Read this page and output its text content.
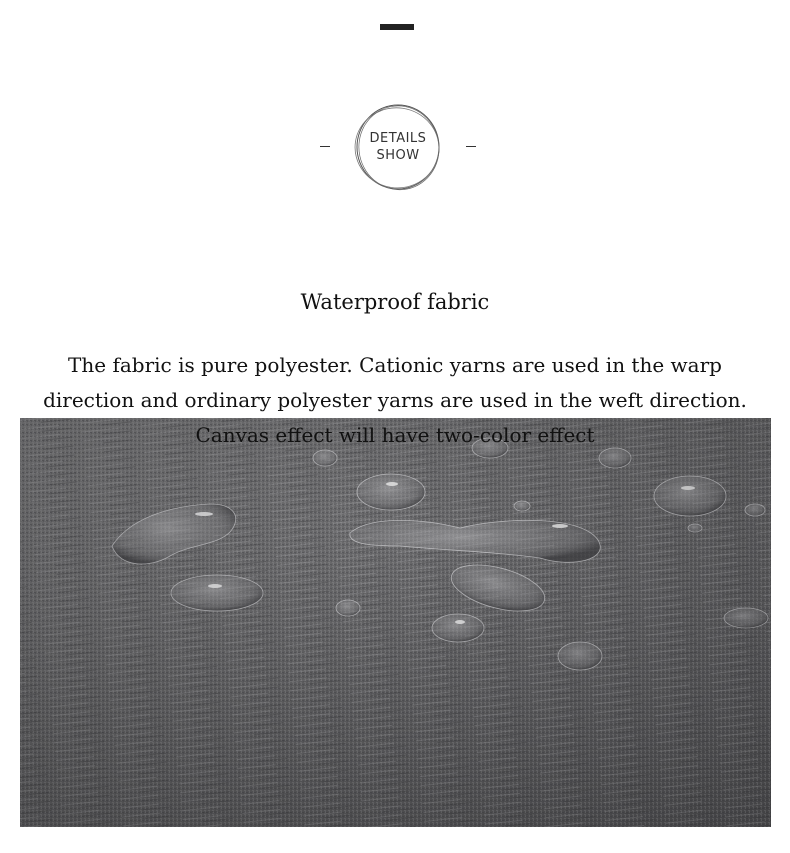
DETAILS
SHOW
Waterproof fabric
The fabric is pure polyester. Cationic yarns are used in the warp
direction and ordinary polyester yarns are used in the weft direction.
Canvas effect will have two-color effect
